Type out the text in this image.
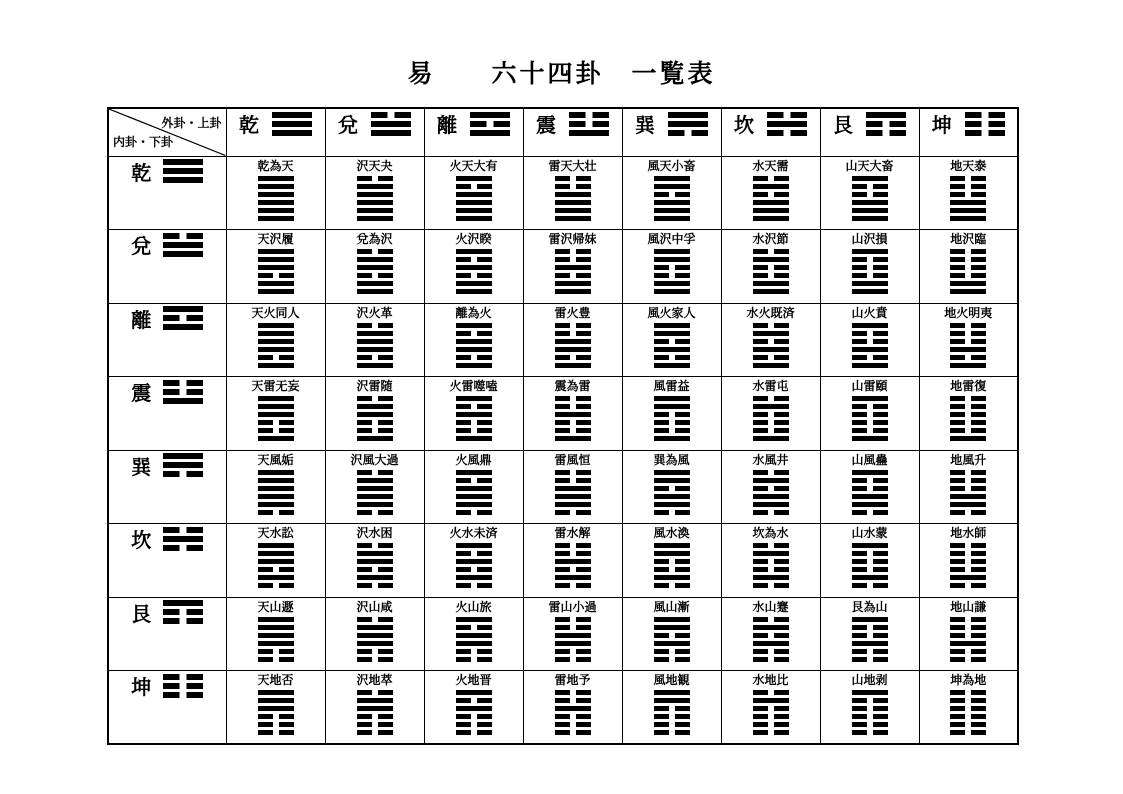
易　　六十四卦　一覧表
外卦・上卦
内卦・下卦	乾	兌	離	震	巽	坎	艮	坤

乾	乾為天	沢天夬	火天大有	雷天大壮	風天小畜	水天需	山天大畜	地天泰

兌	天沢履	兌為沢	火沢睽	雷沢帰妹	風沢中孚	水沢節	山沢損	地沢臨

離	天火同人	沢火革	離為火	雷火豊	風火家人	水火既済	山火賁	地火明夷

震	天雷无妄	沢雷随	火雷噬嗑	震為雷	風雷益	水雷屯	山雷頤	地雷復

巽	天風姤	沢風大過	火風鼎	雷風恒	巽為風	水風井	山風蠱	地風升

坎	天水訟	沢水困	火水未済	雷水解	風水渙	坎為水	山水蒙	地水師

艮	天山遯	沢山咸	火山旅	雷山小過	風山漸	水山蹇	艮為山	地山謙

坤	天地否	沢地萃	火地晋	雷地予	風地観	水地比	山地剥	坤為地
